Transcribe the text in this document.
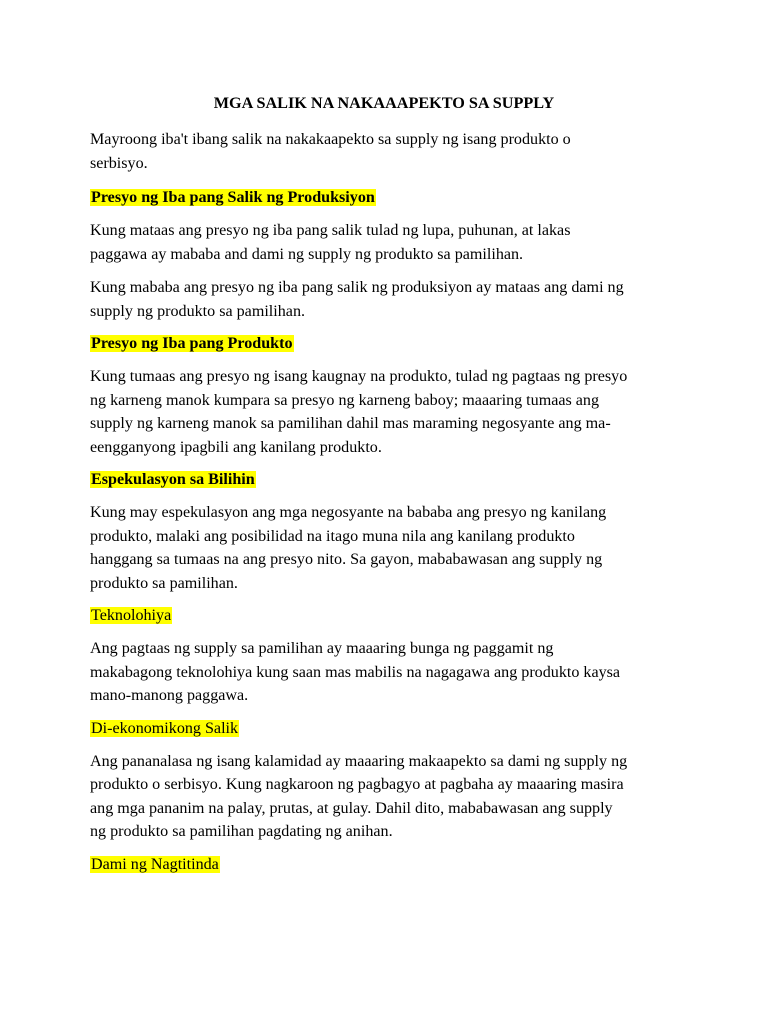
MGA SALIK NA NAKAAAPEKTO SA SUPPLY

Mayroong iba't ibang salik na nakakaapekto sa supply ng isang produkto o
serbisyo.

Presyo ng Iba pang Salik ng Produksiyon

Kung mataas ang presyo ng iba pang salik tulad ng lupa, puhunan, at lakas
paggawa ay mababa and dami ng supply ng produkto sa pamilihan.

Kung mababa ang presyo ng iba pang salik ng produksiyon ay mataas ang dami ng
supply ng produkto sa pamilihan.

Presyo ng Iba pang Produkto

Kung tumaas ang presyo ng isang kaugnay na produkto, tulad ng pagtaas ng presyo
ng karneng manok kumpara sa presyo ng karneng baboy; maaaring tumaas ang
supply ng karneng manok sa pamilihan dahil mas maraming negosyante ang ma-
eengganyong ipagbili ang kanilang produkto.

Espekulasyon sa Bilihin

Kung may espekulasyon ang mga negosyante na bababa ang presyo ng kanilang
produkto, malaki ang posibilidad na itago muna nila ang kanilang produkto
hanggang sa tumaas na ang presyo nito. Sa gayon, mababawasan ang supply ng
produkto sa pamilihan.

Teknolohiya

Ang pagtaas ng supply sa pamilihan ay maaaring bunga ng paggamit ng
makabagong teknolohiya kung saan mas mabilis na nagagawa ang produkto kaysa
mano-manong paggawa.

Di-ekonomikong Salik

Ang pananalasa ng isang kalamidad ay maaaring makaapekto sa dami ng supply ng
produkto o serbisyo. Kung nagkaroon ng pagbagyo at pagbaha ay maaaring masira
ang mga pananim na palay, prutas, at gulay. Dahil dito, mababawasan ang supply
ng produkto sa pamilihan pagdating ng anihan.

Dami ng Nagtitinda
